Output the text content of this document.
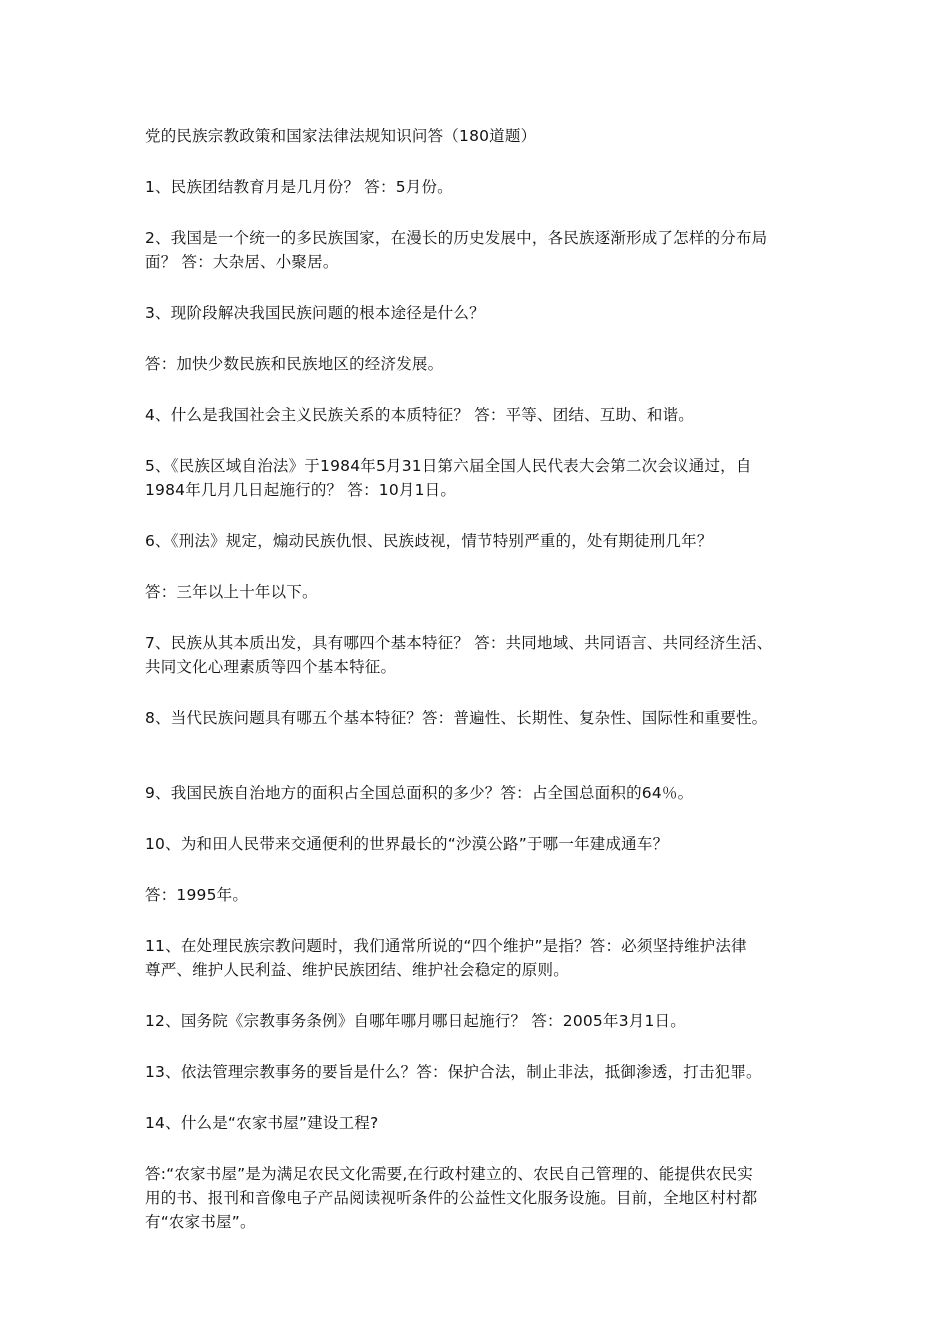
党的民族宗教政策和国家法律法规知识问答（180道题）
1、民族团结教育月是几月份？ 答：5月份。
2、我国是一个统一的多民族国家，在漫长的历史发展中，各民族逐渐形成了怎样的分布局
面？ 答：大杂居、小聚居。
3、现阶段解决我国民族问题的根本途径是什么？
答：加快少数民族和民族地区的经济发展。
4、什么是我国社会主义民族关系的本质特征？ 答：平等、团结、互助、和谐。
5、《民族区域自治法》于1984年5月31日第六届全国人民代表大会第二次会议通过，自
1984年几月几日起施行的？ 答：10月1日。
6、《刑法》规定，煽动民族仇恨、民族歧视，情节特别严重的，处有期徒刑几年？
答：三年以上十年以下。
7、民族从其本质出发，具有哪四个基本特征？ 答：共同地域、共同语言、共同经济生活、
共同文化心理素质等四个基本特征。
8、当代民族问题具有哪五个基本特征？答：普遍性、长期性、复杂性、国际性和重要性。
9、我国民族自治地方的面积占全国总面积的多少？答：占全国总面积的64％。
10、为和田人民带来交通便利的世界最长的“沙漠公路”于哪一年建成通车？
答：1995年。
11、在处理民族宗教问题时，我们通常所说的“四个维护”是指？答：必须坚持维护法律
尊严、维护人民利益、维护民族团结、维护社会稳定的原则。
12、国务院《宗教事务条例》自哪年哪月哪日起施行？ 答：2005年3月1日。
13、依法管理宗教事务的要旨是什么？答：保护合法，制止非法，抵御渗透，打击犯罪。
14、什么是“农家书屋”建设工程?
答:“农家书屋”是为满足农民文化需要,在行政村建立的、农民自己管理的、能提供农民实
用的书、报刊和音像电子产品阅读视听条件的公益性文化服务设施。目前，全地区村村都
有“农家书屋”。
